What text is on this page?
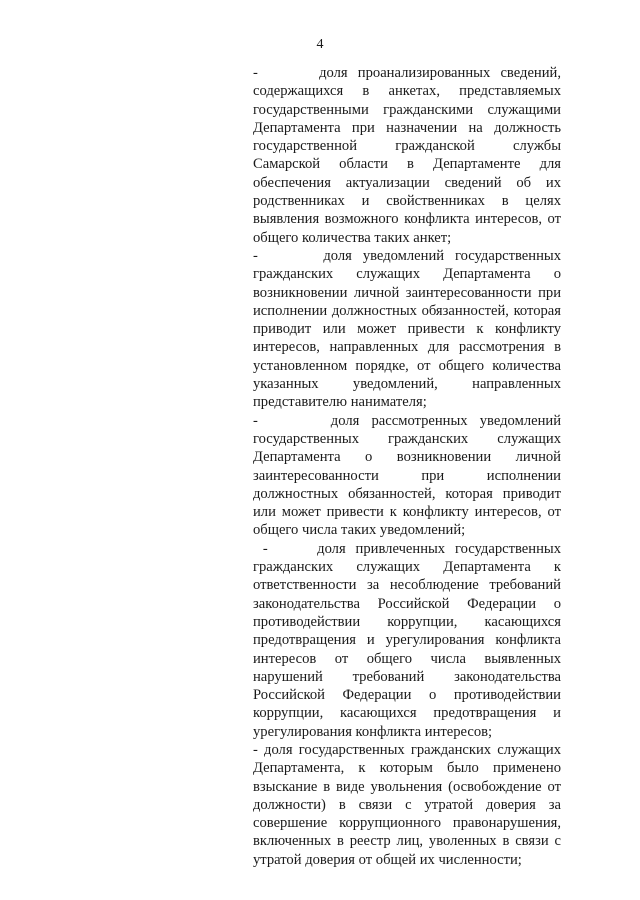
4

-	доля проанализированных сведений, содержащихся в анкетах, представляемых государственными гражданскими служащими Департамента при назначении на должность государственной гражданской службы Самарской области в Департаменте для обеспечения актуализации сведений об их родственниках и свойственниках в целях выявления возможного конфликта интересов, от общего количества таких анкет;

-	доля уведомлений государственных гражданских служащих Департамента о возникновении личной заинтересованности при исполнении должностных обязанностей, которая приводит или может привести к конфликту интересов, направленных для рассмотрения в установленном порядке, от общего количества указанных уведомлений, направленных представителю нанимателя;

-	доля рассмотренных уведомлений государственных гражданских служащих Департамента о возникновении личной заинтересованности при исполнении должностных обязанностей, которая приводит или может привести к конфликту интересов, от общего числа таких уведомлений;

-	доля привлеченных государственных гражданских служащих Департамента к ответственности за несоблюдение требований законодательства Российской Федерации о противодействии коррупции, касающихся предотвращения и урегулирования конфликта интересов от общего числа выявленных нарушений требований законодательства Российской Федерации о противодействии коррупции, касающихся предотвращения и урегулирования конфликта интересов;

- доля государственных гражданских служащих Департамента, к которым было применено взыскание в виде увольнения (освобождение от должности) в связи с утратой доверия за совершение коррупционного правонарушения, включенных в реестр лиц, уволенных в связи с утратой доверия от общей их численности;
